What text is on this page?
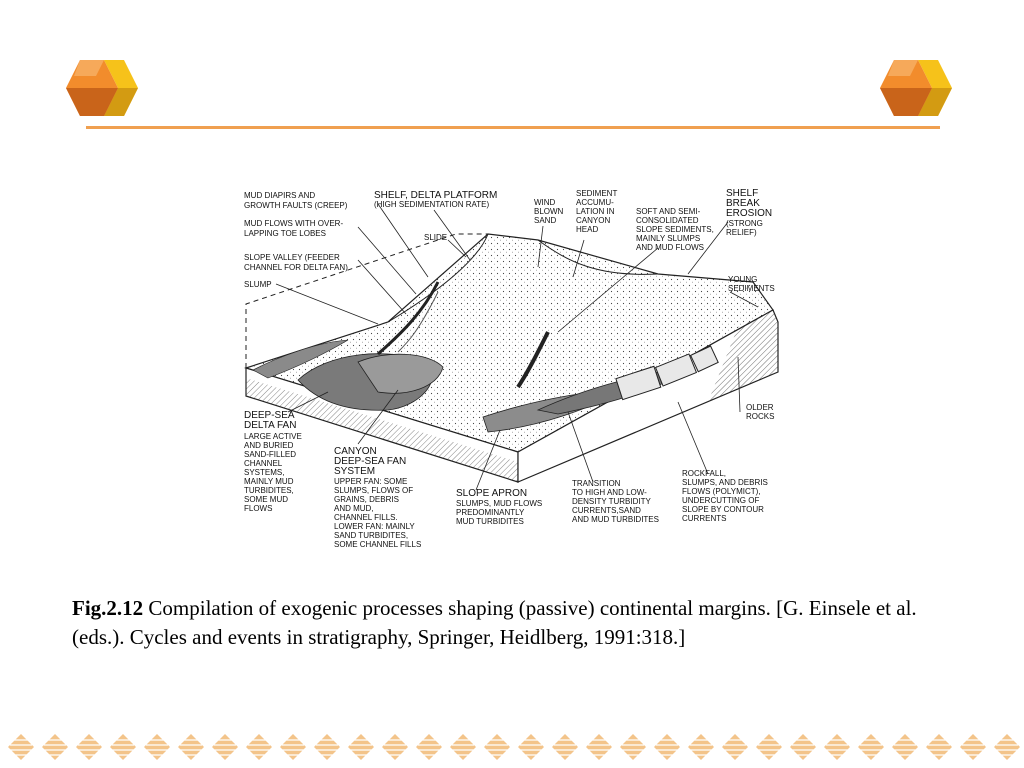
MUD DIAPIRS AND GROWTH FAULTS (CREEP)
MUD FLOWS WITH OVER-LAPPING TOE LOBES
SLOPE VALLEY (FEEDER CHANNEL FOR DELTA FAN)
SLUMP
SHELF, DELTA PLATFORM (HIGH SEDIMENTATION RATE)
SLIDE
WIND BLOWN SAND
SEDIMENT ACCUMU-LATION IN CANYON HEAD
SOFT AND SEMI-CONSOLIDATED SLOPE SEDIMENTS, MAINLY SLUMPS AND MUD FLOWS
SHELF BREAK EROSION
(STRONG RELIEF)
YOUNG SEDIMENTS
OLDER ROCKS
DEEP-SEA DELTA FAN
LARGE ACTIVE AND BURIED SAND-FILLED CHANNEL SYSTEMS, MAINLY MUD TURBIDITES, SOME MUD FLOWS
CANYON DEEP-SEA FAN SYSTEM
UPPER FAN: SOME SLUMPS, FLOWS OF GRAINS, DEBRIS AND MUD, CHANNEL FILLS. LOWER FAN: MAINLY SAND TURBIDITES, SOME CHANNEL FILLS
SLOPE APRON
SLUMPS, MUD FLOWS PREDOMINANTLY MUD TURBIDITES
TRANSITION TO HIGH AND LOW-DENSITY TURBIDITY CURRENTS,SAND AND MUD TURBIDITES
ROCKFALL, SLUMPS, AND DEBRIS FLOWS (POLYMICT), UNDERCUTTING OF SLOPE BY CONTOUR CURRENTS
Fig.2.12 Compilation of exogenic processes shaping (passive) continental margins. [G. Einsele et al. (eds.). Cycles and events in stratigraphy, Springer, Heidlberg, 1991:318.]
